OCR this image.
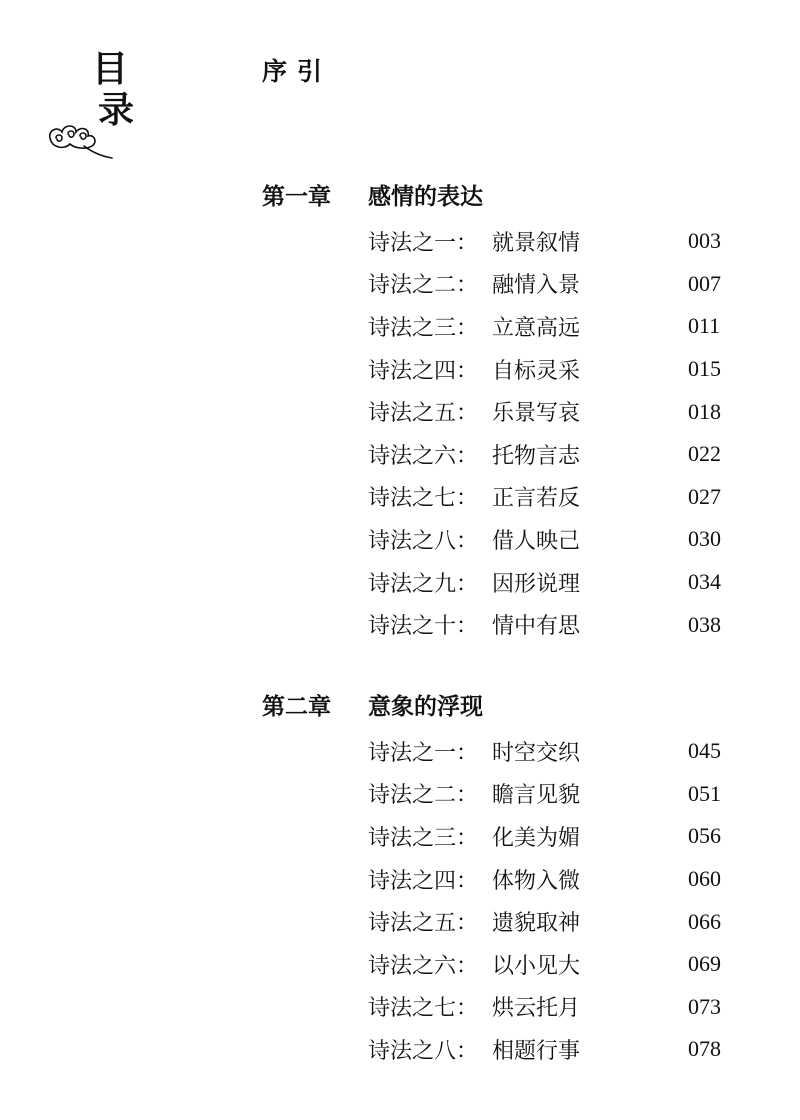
目
录
序引
第一章	感情的表达
诗法之一： 就景叙情	003
诗法之二： 融情入景	007
诗法之三： 立意高远	011
诗法之四： 自标灵采	015
诗法之五： 乐景写哀	018
诗法之六： 托物言志	022
诗法之七： 正言若反	027
诗法之八： 借人映己	030
诗法之九： 因形说理	034
诗法之十： 情中有思	038
第二章	意象的浮现
诗法之一： 时空交织	045
诗法之二： 瞻言见貌	051
诗法之三： 化美为媚	056
诗法之四： 体物入微	060
诗法之五： 遗貌取神	066
诗法之六： 以小见大	069
诗法之七： 烘云托月	073
诗法之八： 相题行事	078
